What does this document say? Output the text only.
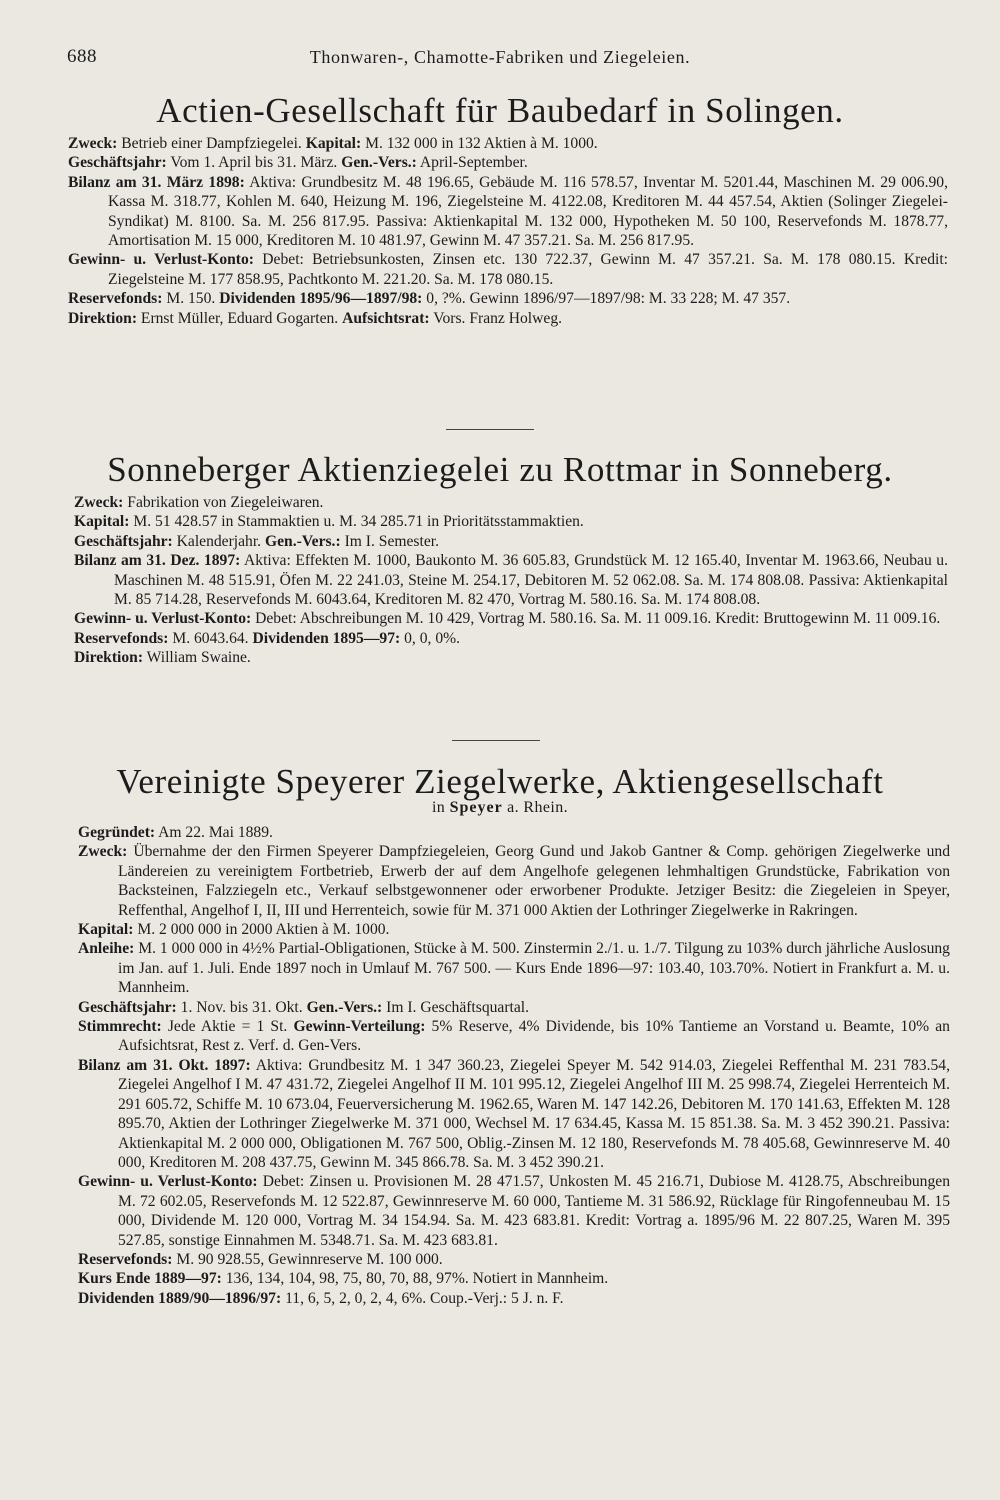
688	Thonwaren-, Chamotte-Fabriken und Ziegeleien.
Actien-Gesellschaft für Baubedarf in Solingen.

Zweck: Betrieb einer Dampfziegelei. Kapital: M. 132 000 in 132 Aktien à M. 1000.

Geschäftsjahr: Vom 1. April bis 31. März. Gen.-Vers.: April-September.

Bilanz am 31. März 1898: Aktiva: Grundbesitz M. 48 196.65, Gebäude M. 116 578.57, Inventar M. 5201.44, Maschinen M. 29 006.90, Kassa M. 318.77, Kohlen M. 640, Heizung M. 196, Ziegelsteine M. 4122.08, Kreditoren M. 44 457.54, Aktien (Solinger Ziegelei-Syndikat) M. 8100. Sa. M. 256 817.95. Passiva: Aktienkapital M. 132 000, Hypotheken M. 50 100, Reservefonds M. 1878.77, Amortisation M. 15 000, Kreditoren M. 10 481.97, Gewinn M. 47 357.21. Sa. M. 256 817.95.

Gewinn- u. Verlust-Konto: Debet: Betriebsunkosten, Zinsen etc. 130 722.37, Gewinn M. 47 357.21. Sa. M. 178 080.15. Kredit: Ziegelsteine M. 177 858.95, Pachtkonto M. 221.20. Sa. M. 178 080.15.

Reservefonds: M. 150. Dividenden 1895/96—1897/98: 0, ?%. Gewinn 1896/97—1897/98: M. 33 228; M. 47 357.

Direktion: Ernst Müller, Eduard Gogarten. Aufsichtsrat: Vors. Franz Holweg.

Sonneberger Aktienziegelei zu Rottmar in Sonneberg.

Zweck: Fabrikation von Ziegeleiwaren.

Kapital: M. 51 428.57 in Stammaktien u. M. 34 285.71 in Prioritätsstammaktien.

Geschäftsjahr: Kalenderjahr. Gen.-Vers.: Im I. Semester.

Bilanz am 31. Dez. 1897: Aktiva: Effekten M. 1000, Baukonto M. 36 605.83, Grundstück M. 12 165.40, Inventar M. 1963.66, Neubau u. Maschinen M. 48 515.91, Öfen M. 22 241.03, Steine M. 254.17, Debitoren M. 52 062.08. Sa. M. 174 808.08. Passiva: Aktienkapital M. 85 714.28, Reservefonds M. 6043.64, Kreditoren M. 82 470, Vortrag M. 580.16. Sa. M. 174 808.08.

Gewinn- u. Verlust-Konto: Debet: Abschreibungen M. 10 429, Vortrag M. 580.16. Sa. M. 11 009.16. Kredit: Bruttogewinn M. 11 009.16.

Reservefonds: M. 6043.64. Dividenden 1895—97: 0, 0, 0%.

Direktion: William Swaine.

Vereinigte Speyerer Ziegelwerke, Aktiengesellschaft

in Speyer a. Rhein.

Gegründet: Am 22. Mai 1889.

Zweck: Übernahme der den Firmen Speyerer Dampfziegeleien, Georg Gund und Jakob Gantner & Comp. gehörigen Ziegelwerke und Ländereien zu vereinigtem Fortbetrieb, Erwerb der auf dem Angelhofe gelegenen lehmhaltigen Grundstücke, Fabrikation von Backsteinen, Falzziegeln etc., Verkauf selbstgewonnener oder erworbener Produkte. Jetziger Besitz: die Ziegeleien in Speyer, Reffenthal, Angelhof I, II, III und Herrenteich, sowie für M. 371 000 Aktien der Lothringer Ziegelwerke in Rakringen.

Kapital: M. 2 000 000 in 2000 Aktien à M. 1000.

Anleihe: M. 1 000 000 in 4½% Partial-Obligationen, Stücke à M. 500. Zinstermin 2./1. u. 1./7. Tilgung zu 103% durch jährliche Auslosung im Jan. auf 1. Juli. Ende 1897 noch in Umlauf M. 767 500. — Kurs Ende 1896—97: 103.40, 103.70%. Notiert in Frankfurt a. M. u. Mannheim.

Geschäftsjahr: 1. Nov. bis 31. Okt. Gen.-Vers.: Im I. Geschäftsquartal.

Stimmrecht: Jede Aktie = 1 St. Gewinn-Verteilung: 5% Reserve, 4% Dividende, bis 10% Tantieme an Vorstand u. Beamte, 10% an Aufsichtsrat, Rest z. Verf. d. Gen-Vers.

Bilanz am 31. Okt. 1897: Aktiva: Grundbesitz M. 1 347 360.23, Ziegelei Speyer M. 542 914.03, Ziegelei Reffenthal M. 231 783.54, Ziegelei Angelhof I M. 47 431.72, Ziegelei Angelhof II M. 101 995.12, Ziegelei Angelhof III M. 25 998.74, Ziegelei Herrenteich M. 291 605.72, Schiffe M. 10 673.04, Feuerversicherung M. 1962.65, Waren M. 147 142.26, Debitoren M. 170 141.63, Effekten M. 128 895.70, Aktien der Lothringer Ziegelwerke M. 371 000, Wechsel M. 17 634.45, Kassa M. 15 851.38. Sa. M. 3 452 390.21. Passiva: Aktienkapital M. 2 000 000, Obligationen M. 767 500, Oblig.-Zinsen M. 12 180, Reservefonds M. 78 405.68, Gewinnreserve M. 40 000, Kreditoren M. 208 437.75, Gewinn M. 345 866.78. Sa. M. 3 452 390.21.

Gewinn- u. Verlust-Konto: Debet: Zinsen u. Provisionen M. 28 471.57, Unkosten M. 45 216.71, Dubiose M. 4128.75, Abschreibungen M. 72 602.05, Reservefonds M. 12 522.87, Gewinnreserve M. 60 000, Tantieme M. 31 586.92, Rücklage für Ringofenneubau M. 15 000, Dividende M. 120 000, Vortrag M. 34 154.94. Sa. M. 423 683.81. Kredit: Vortrag a. 1895/96 M. 22 807.25, Waren M. 395 527.85, sonstige Einnahmen M. 5348.71. Sa. M. 423 683.81.

Reservefonds: M. 90 928.55, Gewinnreserve M. 100 000.

Kurs Ende 1889—97: 136, 134, 104, 98, 75, 80, 70, 88, 97%. Notiert in Mannheim.

Dividenden 1889/90—1896/97: 11, 6, 5, 2, 0, 2, 4, 6%. Coup.-Verj.: 5 J. n. F.
